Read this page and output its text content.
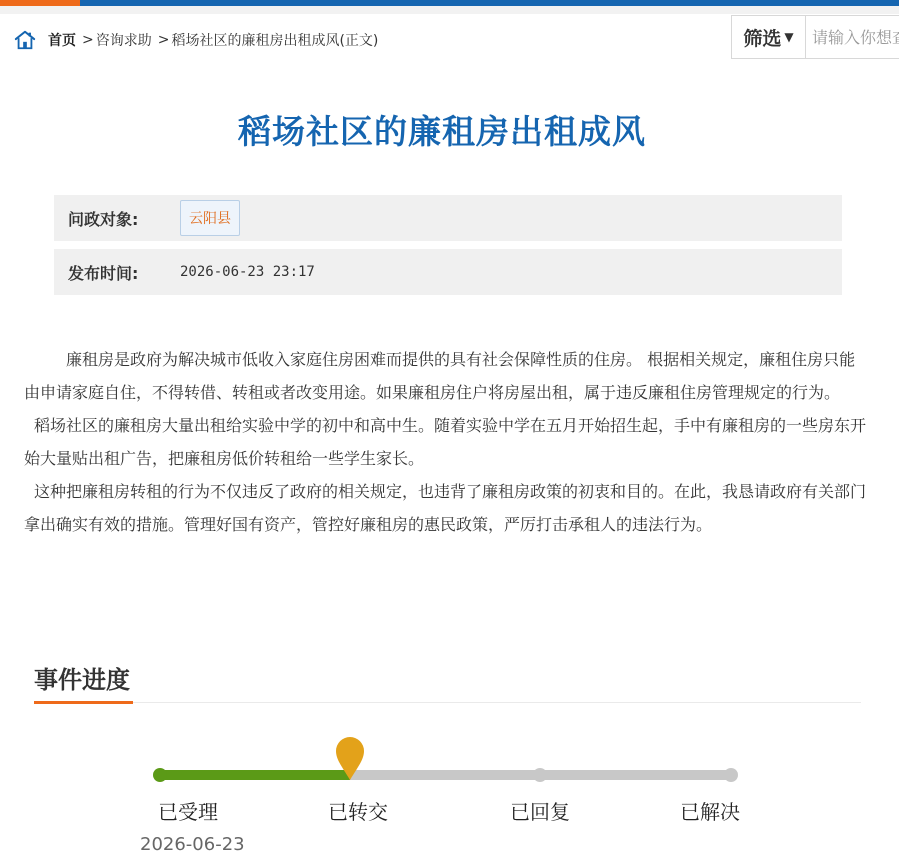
首页 > 咨询求助 > 稻场社区的廉租房出租成风(正文)	筛选 ▼
请输入你想查
稻场社区的廉租房出租成风
问政对象:	云阳县
发布时间:	2026-06-23 23:17

廉租房是政府为解决城市低收入家庭住房困难而提供的具有社会保障性质的住房。 根据相关规定，廉租住房只能由申请家庭自住，不得转借、转租或者改变用途。如果廉租房住户将房屋出租，属于违反廉租住房管理规定的行为。

稻场社区的廉租房大量出租给实验中学的初中和高中生。随着实验中学在五月开始招生起，手中有廉租房的一些房东开始大量贴出租广告，把廉租房低价转租给一些学生家长。

这种把廉租房转租的行为不仅违反了政府的相关规定，也违背了廉租房政策的初衷和目的。在此，我恳请政府有关部门拿出确实有效的措施。管理好国有资产，管控好廉租房的惠民政策，严厉打击承租人的违法行为。

事件进度
已受理	已转交	已回复	已解决
2026-06-23
